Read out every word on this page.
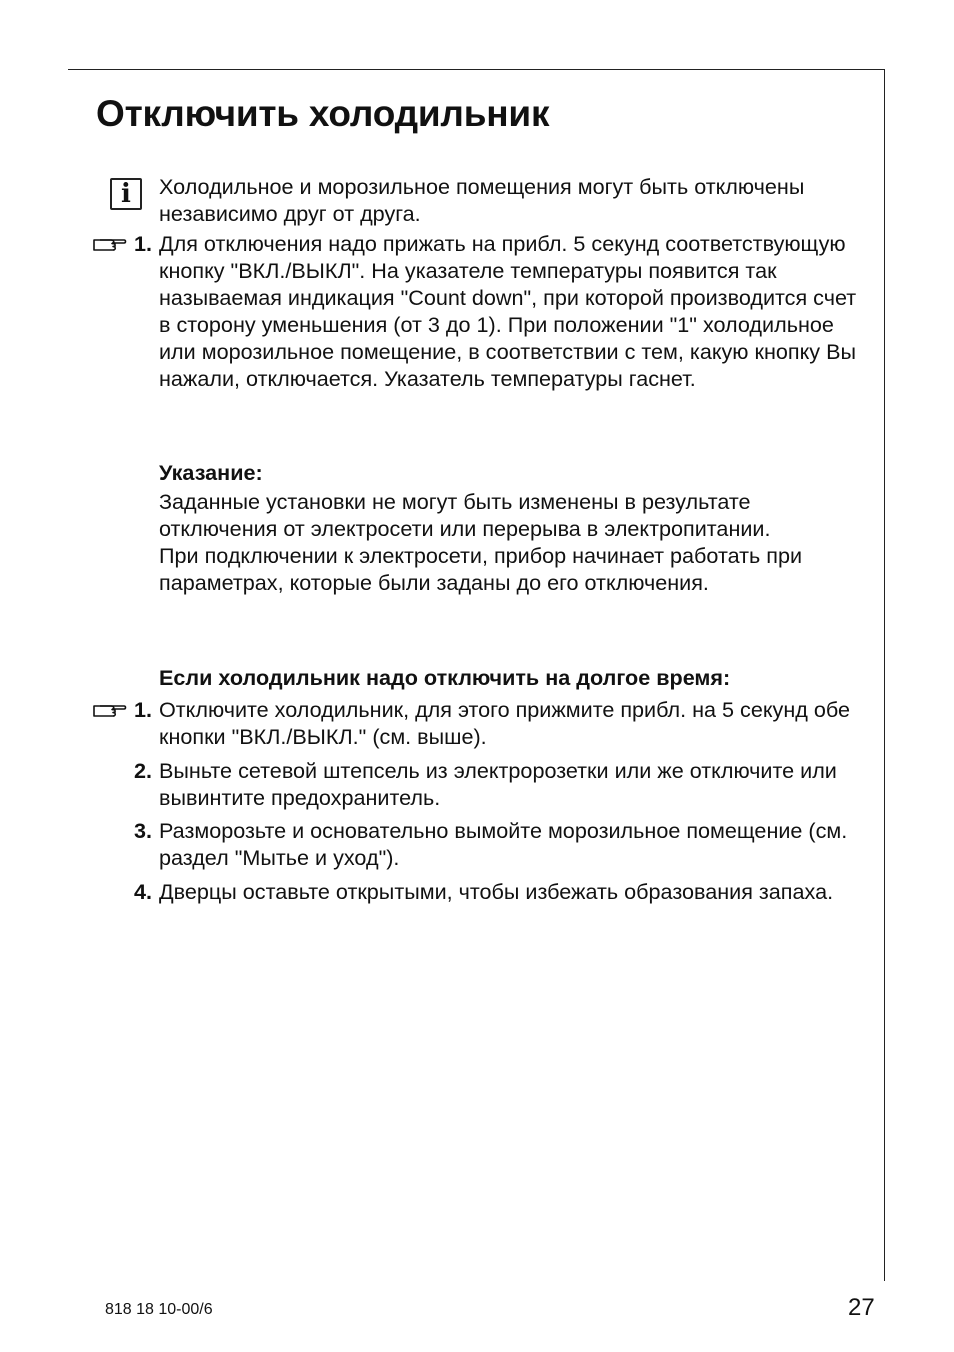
Отключить холодильник
i	Холодильное и морозильное помещения могут быть отключены независимо друг от друга.

1. Для отключения надо прижать на прибл. 5 секунд соответствующую кнопку "ВКЛ./ВЫКЛ". На указателе температуры появится так называемая индикация "Count down", при которой производится счет в сторону уменьшения (от 3 до 1). При положении "1" холодильное или морозильное помещение, в соответствии с тем, какую кнопку Вы нажали, отключается. Указатель температуры гаснет.

Указание:

Заданные установки не могут быть изменены в результате отключения от электросети или перерыва в электропитании.

При подключении к электросети, прибор начинает работать при параметрах, которые были заданы до его отключения.

Если холодильник надо отключить на долгое время:

1. Отключите холодильник, для этого прижмите прибл. на 5 секунд обе кнопки "ВКЛ./ВЫКЛ." (см. выше).

2. Выньте сетевой штепсель из электророзетки или же отключите или вывинтите предохранитель.

3. Разморозьте и основательно вымойте морозильное помещение (см. раздел "Мытье и уход").

4. Дверцы оставьте открытыми, чтобы избежать образования запаха.

818 18 10-00/6	27
